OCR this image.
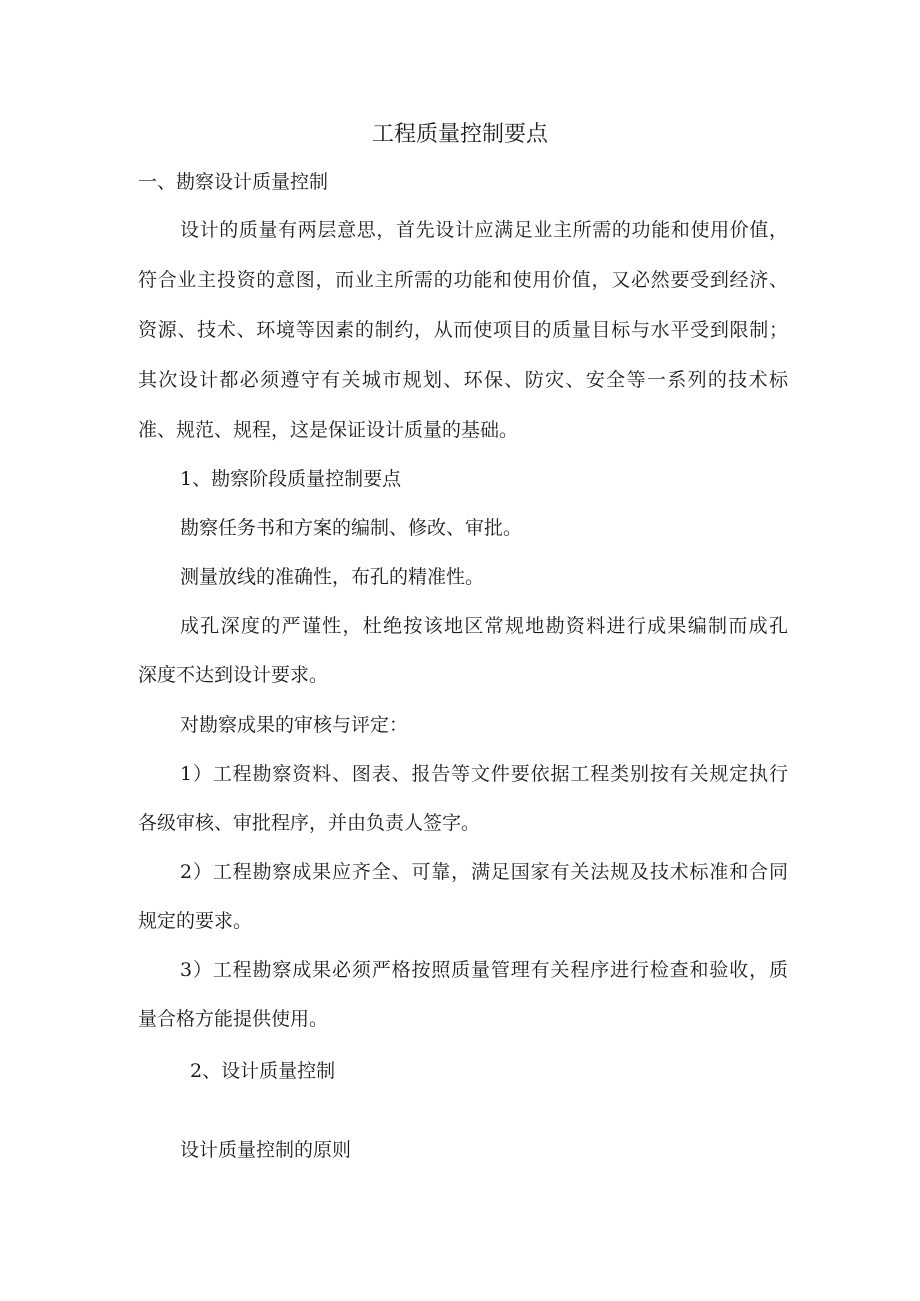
工程质量控制要点
一、勘察设计质量控制
设计的质量有两层意思，首先设计应满足业主所需的功能和使用价值，
符合业主投资的意图，而业主所需的功能和使用价值，又必然要受到经济、
资源、技术、环境等因素的制约，从而使项目的质量目标与水平受到限制；
其次设计都必须遵守有关城市规划、环保、防灾、安全等一系列的技术标
准、规范、规程，这是保证设计质量的基础。
1、勘察阶段质量控制要点
勘察任务书和方案的编制、修改、审批。
测量放线的准确性，布孔的精准性。
成孔深度的严谨性，杜绝按该地区常规地勘资料进行成果编制而成孔
深度不达到设计要求。
对勘察成果的审核与评定：
1）工程勘察资料、图表、报告等文件要依据工程类别按有关规定执行
各级审核、审批程序，并由负责人签字。
2）工程勘察成果应齐全、可靠，满足国家有关法规及技术标准和合同
规定的要求。
3）工程勘察成果必须严格按照质量管理有关程序进行检查和验收，质
量合格方能提供使用。
2、设计质量控制
设计质量控制的原则
